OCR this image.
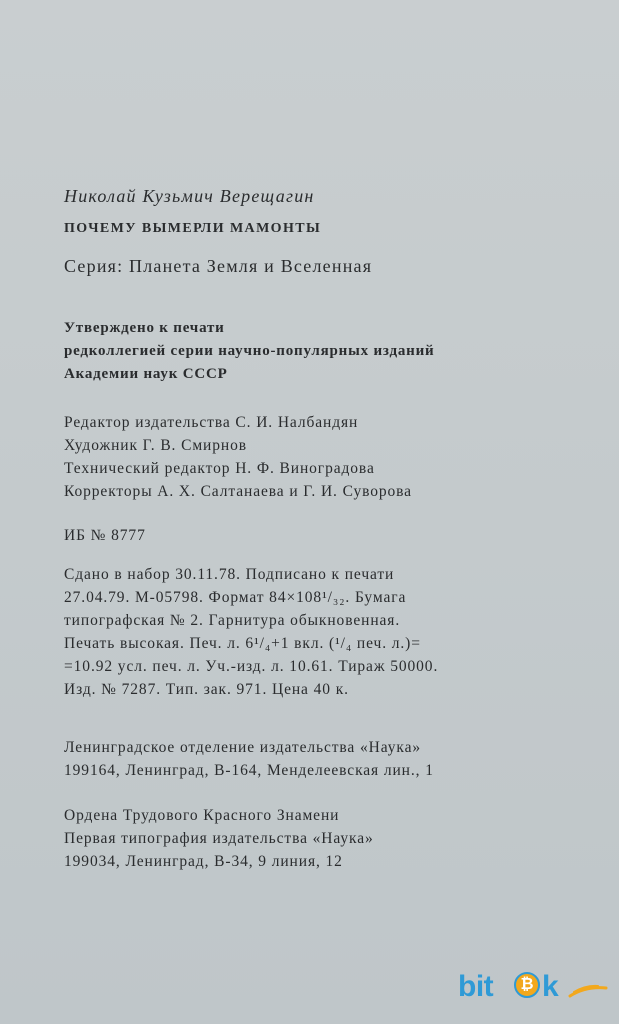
Николай Кузьмич Верещагин
ПОЧЕМУ ВЫМЕРЛИ МАМОНТЫ
Серия: Планета Земля и Вселенная
Утверждено к печати
редколлегией серии научно-популярных изданий
Академии наук СССР
Редактор издательства С. И. Налбандян
Художник Г. В. Смирнов
Технический редактор Н. Ф. Виноградова
Корректоры А. Х. Салтанаева и Г. И. Суворова
ИБ № 8777
Сдано в набор 30.11.78. Подписано к печати
27.04.79. М-05798. Формат 84×108¹/₃₂. Бумага
типографская № 2. Гарнитура обыкновенная.
Печать высокая. Печ. л. 6¹/₄+1 вкл. (¹/₄ печ. л.)=
=10.92 усл. печ. л. Уч.-изд. л. 10.61. Тираж 50000.
Изд. № 7287. Тип. зак. 971. Цена 40 к.
Ленинградское отделение издательства «Наука»
199164, Ленинград, В-164, Менделеевская лин., 1
Ордена Трудового Красного Знамени
Первая типография издательства «Наука»
199034, Ленинград, В-34, 9 линия, 12
bit	₿ k
